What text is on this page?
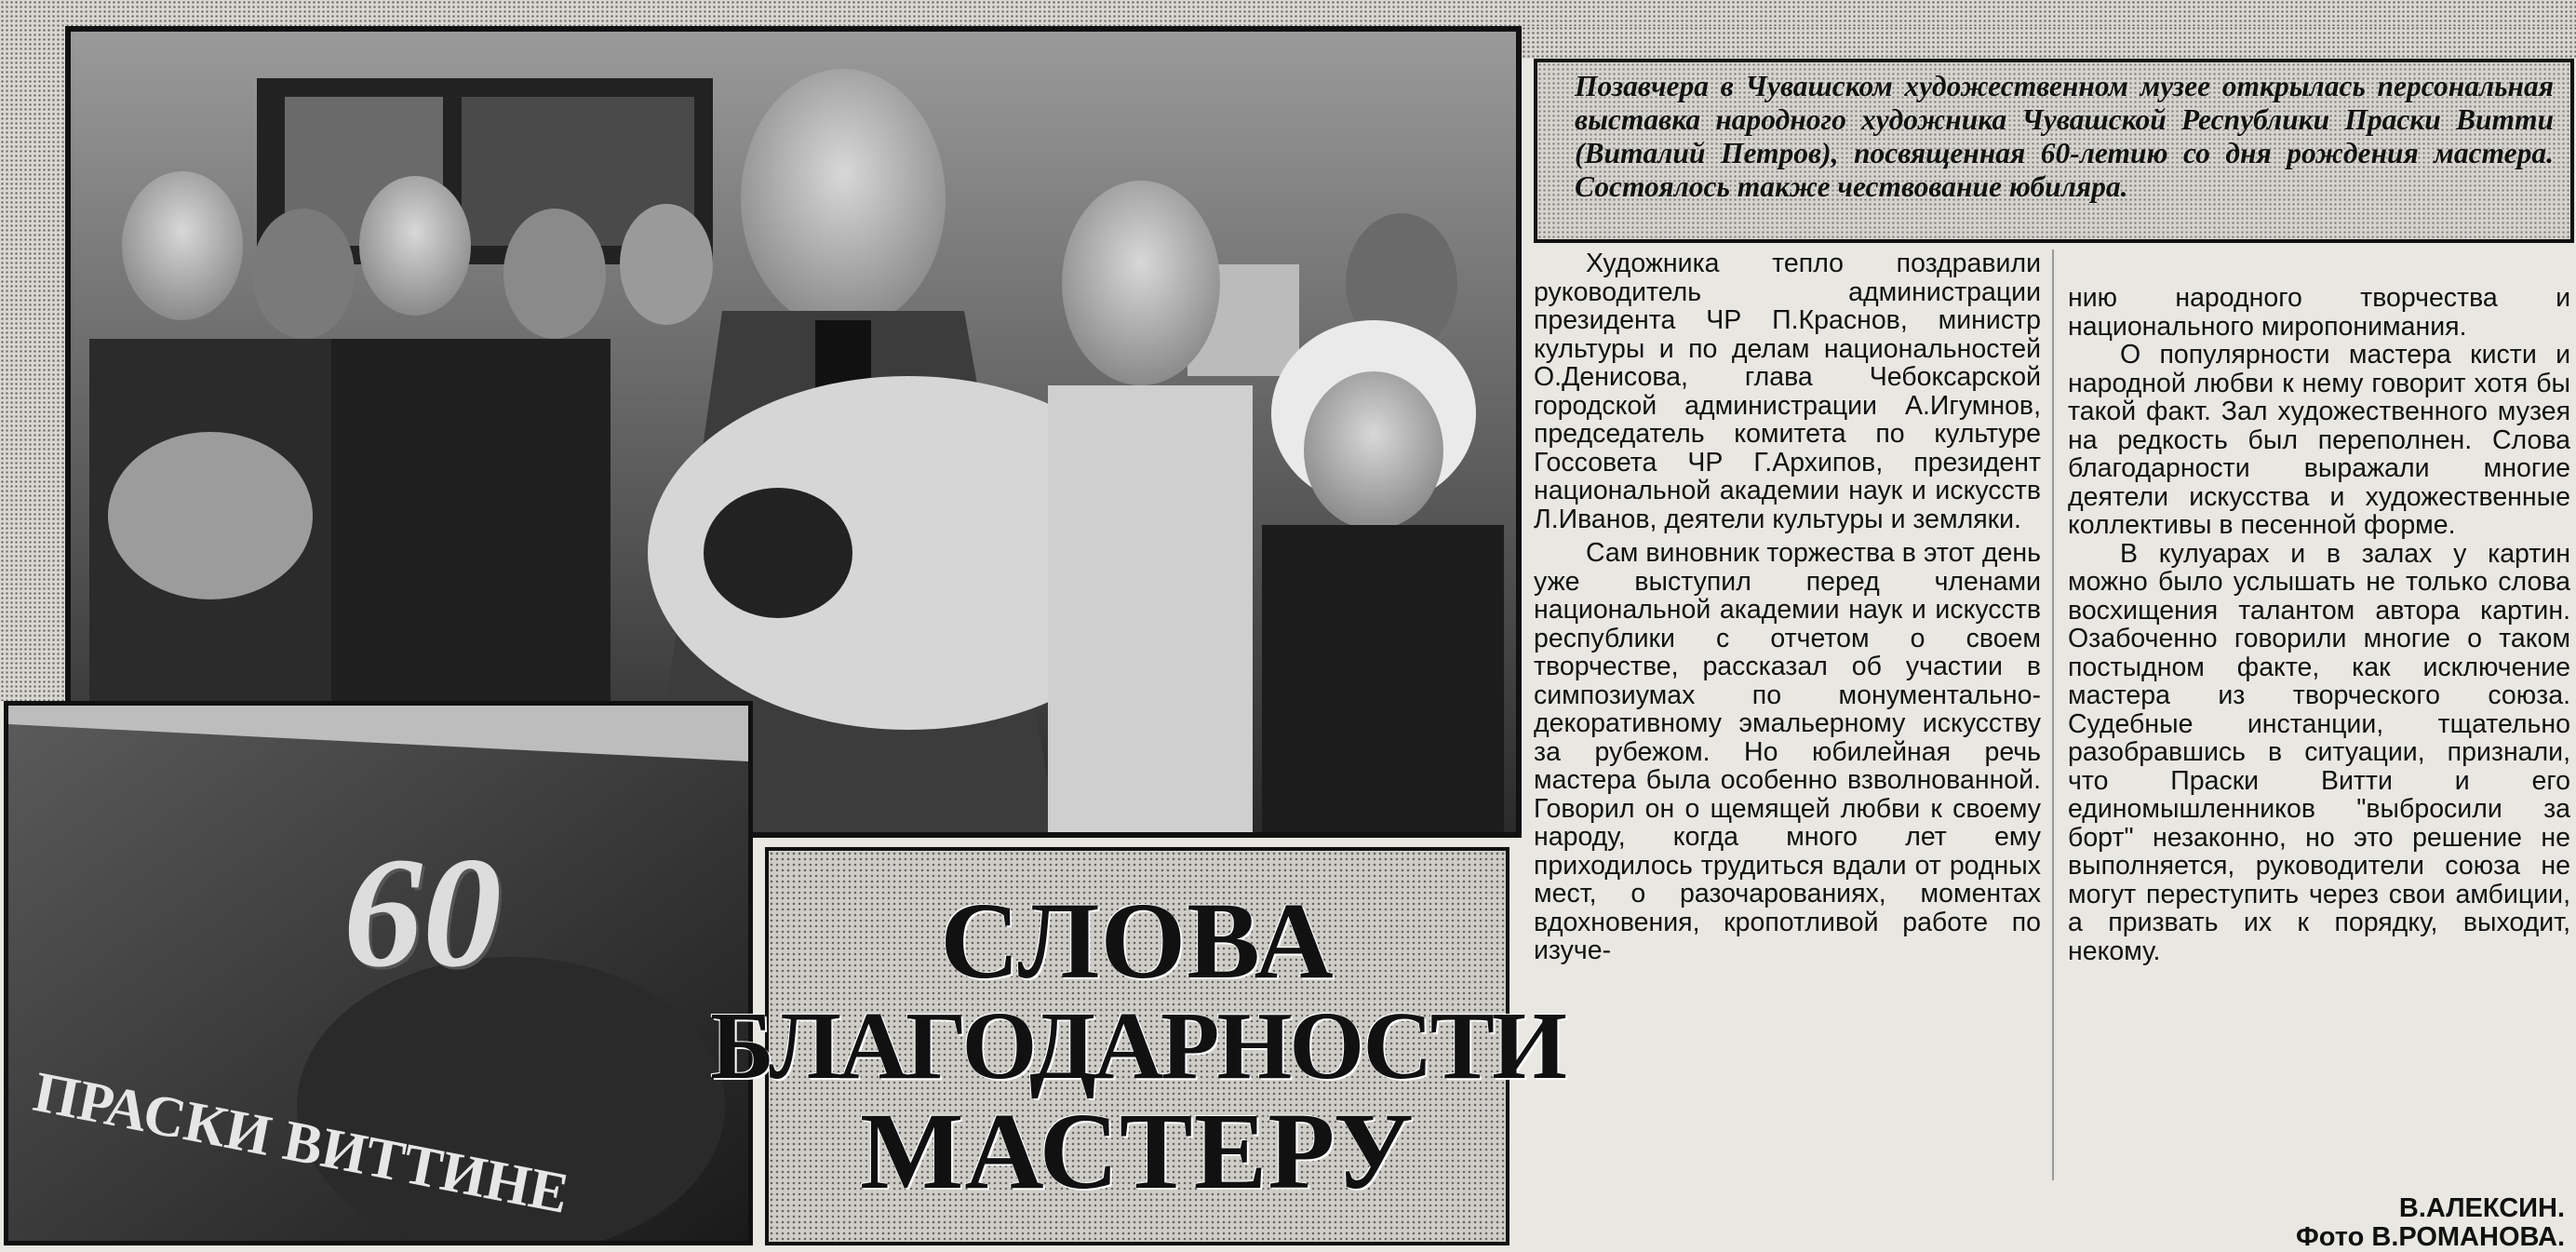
60
ПРАСКИ ВИТТИНЕ
СЛОВА
БЛАГОДАРНОСТИ
МАСТЕРУ

Позавчера в Чувашском художественном музее открылась персональная выставка народного художника Чувашской Республики Праски Витти (Виталий Петров), посвященная 60-летию со дня рождения мастера. Состоялось также чествование юбиляра.

Художника тепло поздравили руководитель администрации президента ЧР П.Краснов, министр культуры и по делам национальностей О.Денисова, глава Чебоксарской городской администрации А.Игумнов, председатель комитета по культуре Госсовета ЧР Г.Архипов, президент национальной академии наук и искусств Л.Иванов, деятели культуры и земляки.

Сам виновник торжества в этот день уже выступил перед членами национальной академии наук и искусств республики с отчетом о своем творчестве, рассказал об участии в симпозиумах по монументально-декоративному эмальерному искусству за рубежом. Но юбилейная речь мастера была особенно взволнованной. Говорил он о щемящей любви к своему народу, когда много лет ему приходилось трудиться вдали от родных мест, о разочарованиях, моментах вдохновения, кропотливой работе по изуче-

нию народного творчества и национального миропонимания.

О популярности мастера кисти и народной любви к нему говорит хотя бы такой факт. Зал художественного музея на редкость был переполнен. Слова благодарности выражали многие деятели искусства и художественные коллективы в песенной форме.

В кулуарах и в залах у картин можно было услышать не только слова восхищения талантом автора картин. Озабоченно говорили многие о таком постыдном факте, как исключение мастера из творческого союза. Судебные инстанции, тщательно разобравшись в ситуации, признали, что Праски Витти и его единомышленников "выбросили за борт" незаконно, но это решение не выполняется, руководители союза не могут переступить через свои амбиции, а призвать их к порядку, выходит, некому.

В.АЛЕКСИН.
Фото В.РОМАНОВА.
